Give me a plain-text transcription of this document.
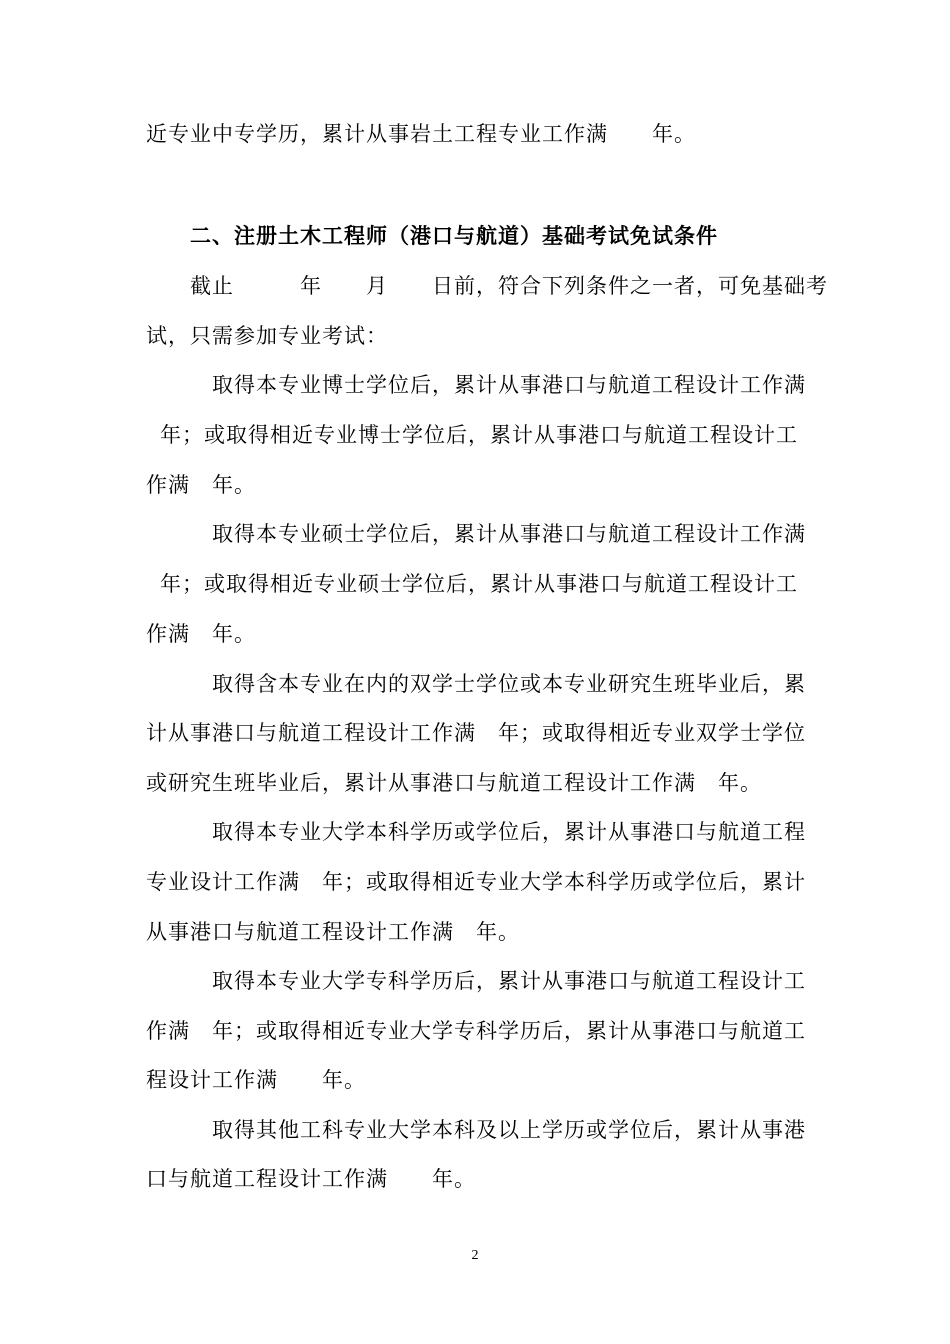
近专业中专学历，累计从事岩土工程专业工作满　　年。
二、注册土木工程师（港口与航道）基础考试免试条件
截止　　　年　　月　　日前，符合下列条件之一者，可免基础考
试，只需参加专业考试：
取得本专业博士学位后，累计从事港口与航道工程设计工作满
年；或取得相近专业博士学位后，累计从事港口与航道工程设计工
作满　年。
取得本专业硕士学位后，累计从事港口与航道工程设计工作满
年；或取得相近专业硕士学位后，累计从事港口与航道工程设计工
作满　年。
取得含本专业在内的双学士学位或本专业研究生班毕业后，累
计从事港口与航道工程设计工作满　年；或取得相近专业双学士学位
或研究生班毕业后，累计从事港口与航道工程设计工作满　年。
取得本专业大学本科学历或学位后，累计从事港口与航道工程
专业设计工作满　年；或取得相近专业大学本科学历或学位后，累计
从事港口与航道工程设计工作满　年。
取得本专业大学专科学历后，累计从事港口与航道工程设计工
作满　年；或取得相近专业大学专科学历后，累计从事港口与航道工
程设计工作满　　年。
取得其他工科专业大学本科及以上学历或学位后，累计从事港
口与航道工程设计工作满　　年。
2
